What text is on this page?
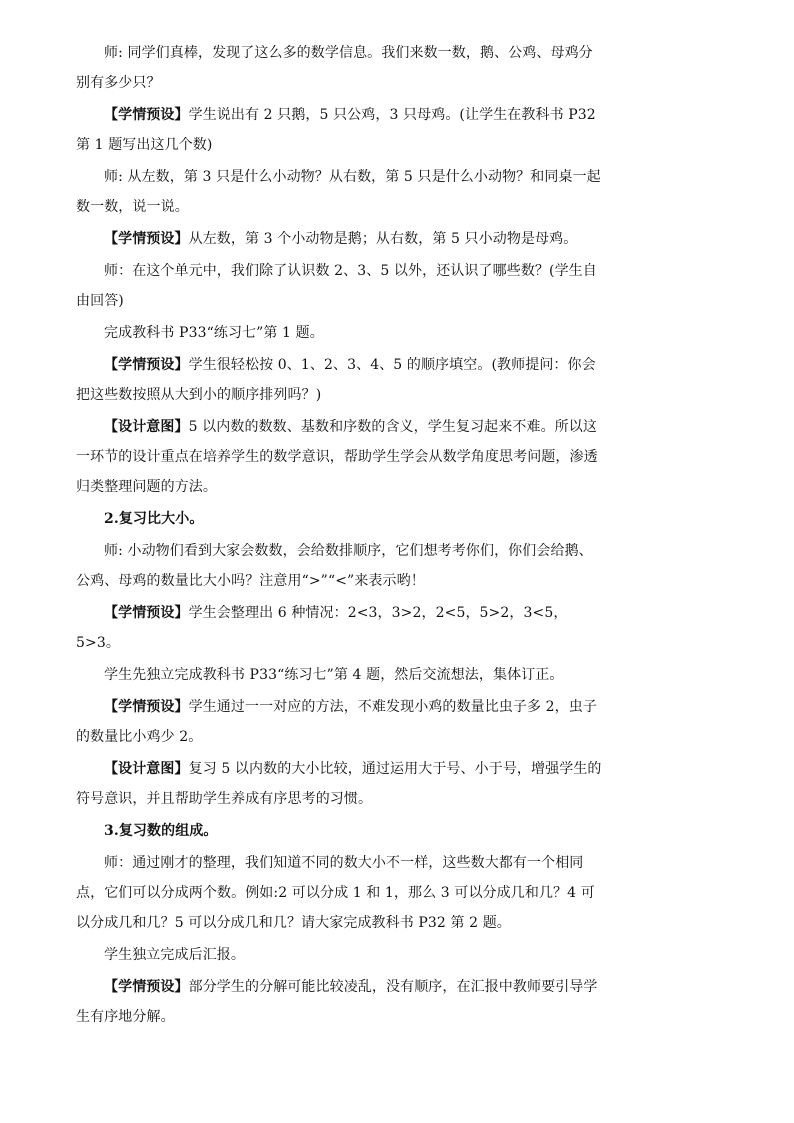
师: 同学们真棒，发现了这么多的数学信息。我们来数一数，鹅、公鸡、母鸡分别有多少只？

【学情预设】学生说出有 2 只鹅，5 只公鸡，3 只母鸡。(让学生在教科书 P32 第 1 题写出这几个数)

师: 从左数，第 3 只是什么小动物？从右数，第 5 只是什么小动物？和同桌一起数一数，说一说。

【学情预设】从左数，第 3 个小动物是鹅；从右数，第 5 只小动物是母鸡。

师：在这个单元中，我们除了认识数 2、3、5 以外，还认识了哪些数？(学生自由回答)

完成教科书 P33“练习七”第 1 题。

【学情预设】学生很轻松按 0、1、2、3、4、5 的顺序填空。(教师提问：你会把这些数按照从大到小的顺序排列吗？)

【设计意图】5 以内数的数数、基数和序数的含义，学生复习起来不难。所以这一环节的设计重点在培养学生的数学意识，帮助学生学会从数学角度思考问题，渗透归类整理问题的方法。

2.复习比大小。

师: 小动物们看到大家会数数，会给数排顺序，它们想考考你们，你们会给鹅、公鸡、母鸡的数量比大小吗？注意用“>”“<”来表示哟！

【学情预设】学生会整理出 6 种情况：2<3，3>2，2<5，5>2，3<5，5>3。

学生先独立完成教科书 P33“练习七”第 4 题，然后交流想法，集体订正。

【学情预设】学生通过一一对应的方法，不难发现小鸡的数量比虫子多 2，虫子的数量比小鸡少 2。

【设计意图】复习 5 以内数的大小比较，通过运用大于号、小于号，增强学生的符号意识，并且帮助学生养成有序思考的习惯。

3.复习数的组成。

师：通过刚才的整理，我们知道不同的数大小不一样，这些数大都有一个相同点，它们可以分成两个数。例如:2 可以分成 1 和 1，那么 3 可以分成几和几？4 可以分成几和几？5 可以分成几和几？请大家完成教科书 P32 第 2 题。

学生独立完成后汇报。

【学情预设】部分学生的分解可能比较凌乱，没有顺序，在汇报中教师要引导学生有序地分解。
